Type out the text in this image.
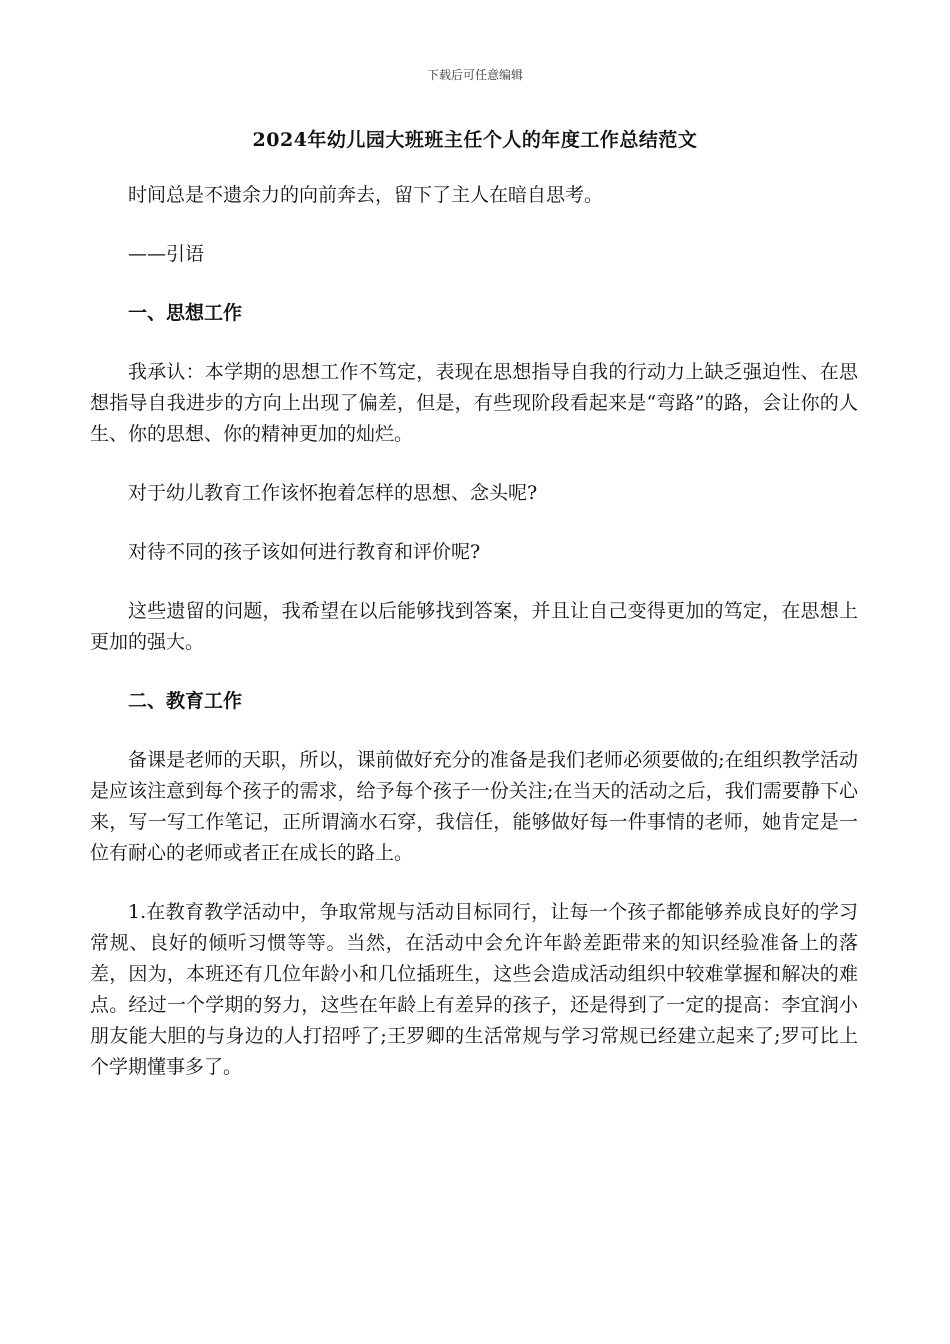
下载后可任意编辑
2024年幼儿园大班班主任个人的年度工作总结范文

时间总是不遗余力的向前奔去，留下了主人在暗自思考。

——引语

一、思想工作

我承认：本学期的思想工作不笃定，表现在思想指导自我的行动力上缺乏强迫性、在思想指导自我进步的方向上出现了偏差，但是，有些现阶段看起来是“弯路”的路，会让你的人生、你的思想、你的精神更加的灿烂。

对于幼儿教育工作该怀抱着怎样的思想、念头呢?

对待不同的孩子该如何进行教育和评价呢?

这些遗留的问题，我希望在以后能够找到答案，并且让自己变得更加的笃定，在思想上更加的强大。

二、教育工作

备课是老师的天职，所以，课前做好充分的准备是我们老师必须要做的;在组织教学活动是应该注意到每个孩子的需求，给予每个孩子一份关注;在当天的活动之后，我们需要静下心来，写一写工作笔记，正所谓滴水石穿，我信任，能够做好每一件事情的老师，她肯定是一位有耐心的老师或者正在成长的路上。

1.在教育教学活动中，争取常规与活动目标同行，让每一个孩子都能够养成良好的学习常规、良好的倾听习惯等等。当然，在活动中会允许年龄差距带来的知识经验准备上的落差，因为，本班还有几位年龄小和几位插班生，这些会造成活动组织中较难掌握和解决的难点。经过一个学期的努力，这些在年龄上有差异的孩子，还是得到了一定的提高：李宜润小朋友能大胆的与身边的人打招呼了;王罗卿的生活常规与学习常规已经建立起来了;罗可比上个学期懂事多了。
